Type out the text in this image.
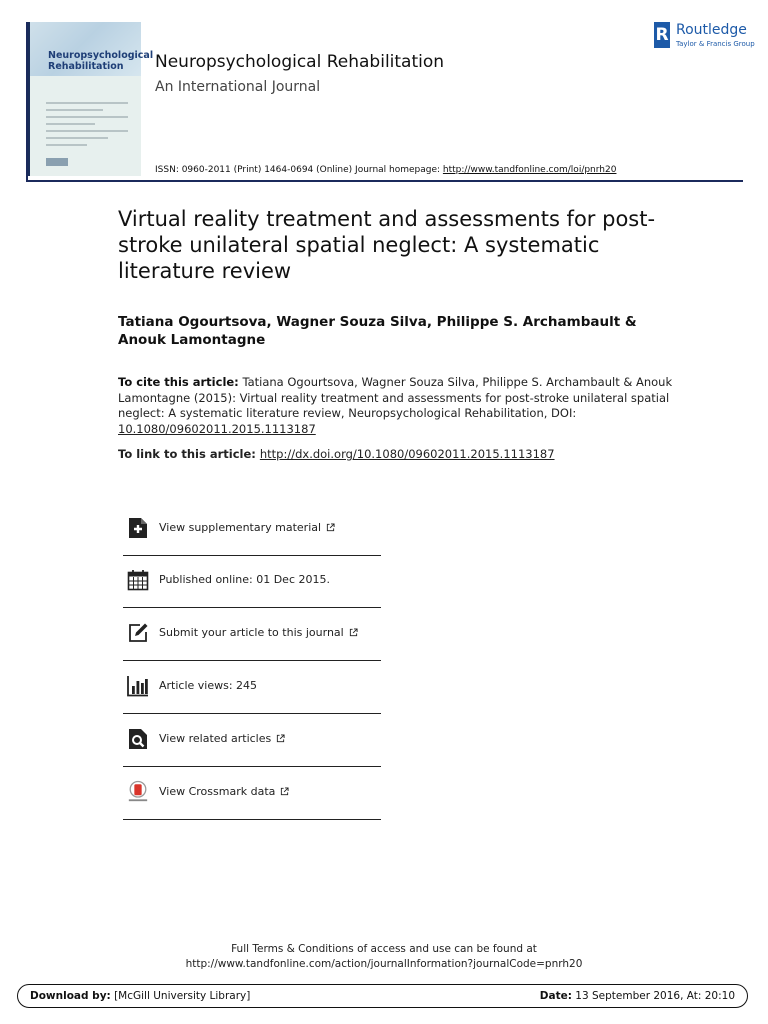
Neuropsychological Rehabilitation	Neuropsychological Rehabilitation
An International Journal
ISSN: 0960-2011 (Print) 1464-0694 (Online) Journal homepage: http://www.tandfonline.com/loi/pnrh20
R Routledge
Taylor & Francis Group
Virtual reality treatment and assessments for post-stroke unilateral spatial neglect: A systematic literature review
Tatiana Ogourtsova, Wagner Souza Silva, Philippe S. Archambault & Anouk Lamontagne
To cite this article: Tatiana Ogourtsova, Wagner Souza Silva, Philippe S. Archambault & Anouk Lamontagne (2015): Virtual reality treatment and assessments for post-stroke unilateral spatial neglect: A systematic literature review, Neuropsychological Rehabilitation, DOI: 10.1080/09602011.2015.1113187
To link to this article: http://dx.doi.org/10.1080/09602011.2015.1113187
View supplementary material
Published online: 01 Dec 2015.
Submit your article to this journal
Article views: 245
View related articles
View Crossmark data
Full Terms & Conditions of access and use can be found at
http://www.tandfonline.com/action/journalInformation?journalCode=pnrh20
Download by: [McGill University Library]	Date: 13 September 2016, At: 20:10
